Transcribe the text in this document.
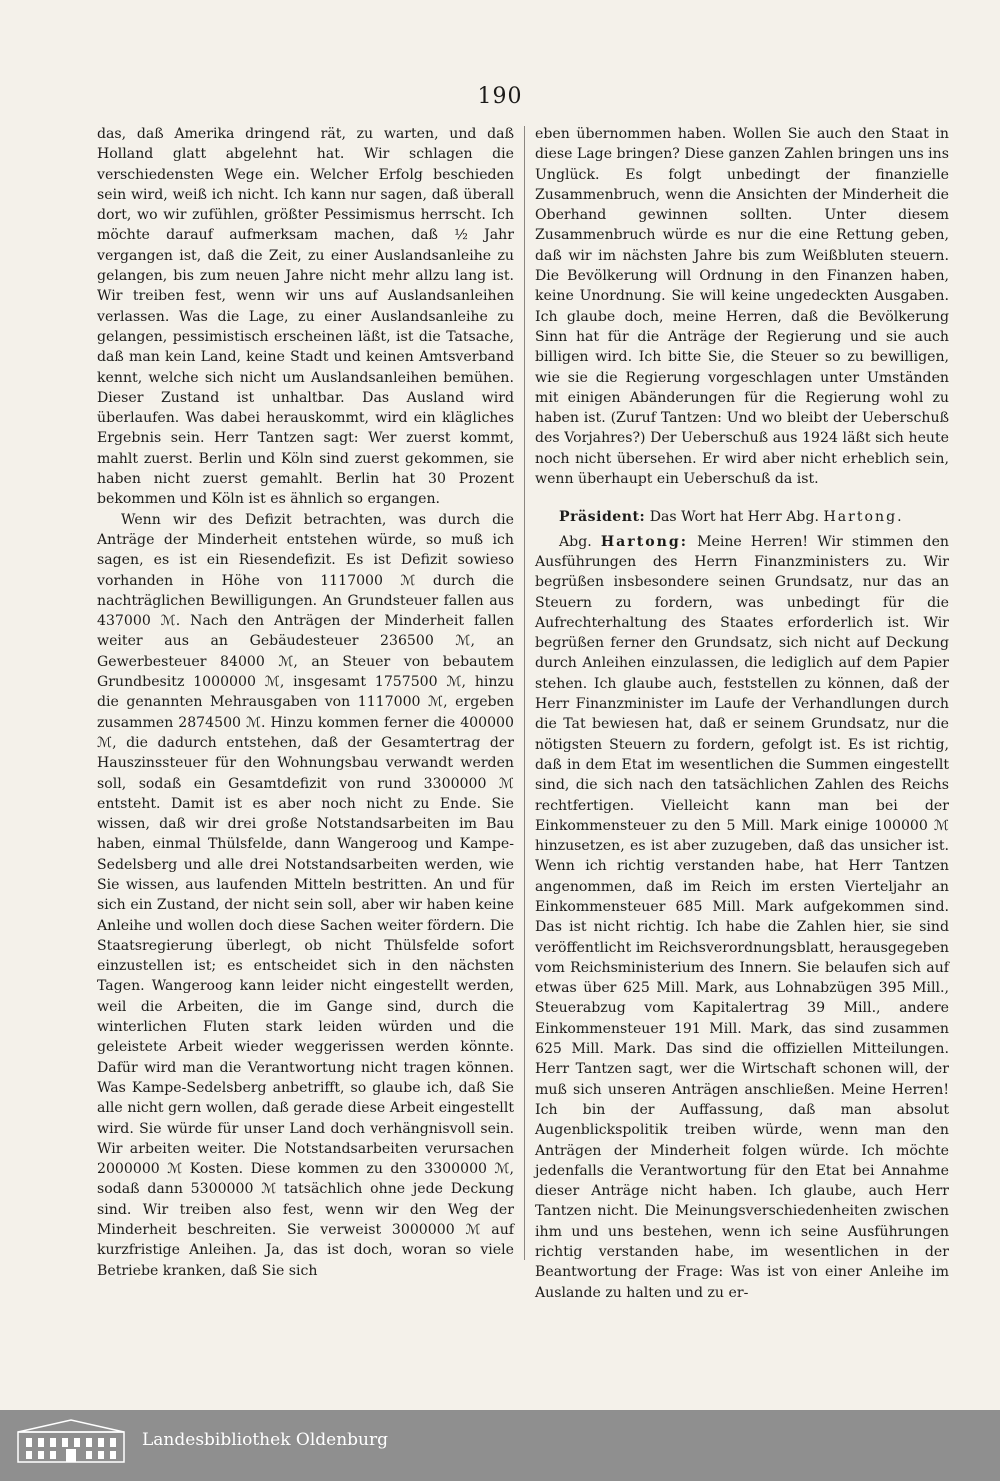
190

das, daß Amerika dringend rät, zu warten, und daß Holland glatt abgelehnt hat. Wir schlagen die verschiedensten Wege ein. Welcher Erfolg beschieden sein wird, weiß ich nicht. Ich kann nur sagen, daß überall dort, wo wir zufühlen, größter Pessimismus herrscht. Ich möchte darauf aufmerksam machen, daß ½ Jahr vergangen ist, daß die Zeit, zu einer Auslandsanleihe zu gelangen, bis zum neuen Jahre nicht mehr allzu lang ist. Wir treiben fest, wenn wir uns auf Auslandsanleihen verlassen. Was die Lage, zu einer Auslandsanleihe zu gelangen, pessimistisch erscheinen läßt, ist die Tatsache, daß man kein Land, keine Stadt und keinen Amtsverband kennt, welche sich nicht um Auslandsanleihen bemühen. Dieser Zustand ist unhaltbar. Das Ausland wird überlaufen. Was dabei herauskommt, wird ein klägliches Ergebnis sein. Herr Tantzen sagt: Wer zuerst kommt, mahlt zuerst. Berlin und Köln sind zuerst gekommen, sie haben nicht zuerst gemahlt. Berlin hat 30 Prozent bekommen und Köln ist es ähnlich so ergangen.

Wenn wir des Defizit betrachten, was durch die Anträge der Minderheit entstehen würde, so muß ich sagen, es ist ein Riesendefizit. Es ist Defizit sowieso vorhanden in Höhe von 1117000 ℳ durch die nachträglichen Bewilligungen. An Grundsteuer fallen aus 437000 ℳ. Nach den Anträgen der Minderheit fallen weiter aus an Gebäudesteuer 236500 ℳ, an Gewerbesteuer 84000 ℳ, an Steuer von bebautem Grundbesitz 1000000 ℳ, insgesamt 1757500 ℳ, hinzu die genannten Mehrausgaben von 1117000 ℳ, ergeben zusammen 2874500 ℳ. Hinzu kommen ferner die 400000 ℳ, die dadurch entstehen, daß der Gesamtertrag der Hauszinssteuer für den Wohnungsbau verwandt werden soll, sodaß ein Gesamtdefizit von rund 3300000 ℳ entsteht. Damit ist es aber noch nicht zu Ende. Sie wissen, daß wir drei große Notstandsarbeiten im Bau haben, einmal Thülsfelde, dann Wangeroog und Kampe-Sedelsberg und alle drei Notstandsarbeiten werden, wie Sie wissen, aus laufenden Mitteln bestritten. An und für sich ein Zustand, der nicht sein soll, aber wir haben keine Anleihe und wollen doch diese Sachen weiter fördern. Die Staatsregierung überlegt, ob nicht Thülsfelde sofort einzustellen ist; es entscheidet sich in den nächsten Tagen. Wangeroog kann leider nicht eingestellt werden, weil die Arbeiten, die im Gange sind, durch die winterlichen Fluten stark leiden würden und die geleistete Arbeit wieder weggerissen werden könnte. Dafür wird man die Verantwortung nicht tragen können. Was Kampe-Sedelsberg anbetrifft, so glaube ich, daß Sie alle nicht gern wollen, daß gerade diese Arbeit eingestellt wird. Sie würde für unser Land doch verhängnisvoll sein. Wir arbeiten weiter. Die Notstandsarbeiten verursachen 2000000 ℳ Kosten. Diese kommen zu den 3300000 ℳ, sodaß dann 5300000 ℳ tatsächlich ohne jede Deckung sind. Wir treiben also fest, wenn wir den Weg der Minderheit beschreiten. Sie verweist 3000000 ℳ auf kurzfristige Anleihen. Ja, das ist doch, woran so viele Betriebe kranken, daß Sie sich

eben übernommen haben. Wollen Sie auch den Staat in diese Lage bringen? Diese ganzen Zahlen bringen uns ins Unglück. Es folgt unbedingt der finanzielle Zusammenbruch, wenn die Ansichten der Minderheit die Oberhand gewinnen sollten. Unter diesem Zusammenbruch würde es nur die eine Rettung geben, daß wir im nächsten Jahre bis zum Weißbluten steuern. Die Bevölkerung will Ordnung in den Finanzen haben, keine Unordnung. Sie will keine ungedeckten Ausgaben. Ich glaube doch, meine Herren, daß die Bevölkerung Sinn hat für die Anträge der Regierung und sie auch billigen wird. Ich bitte Sie, die Steuer so zu bewilligen, wie sie die Regierung vorgeschlagen unter Umständen mit einigen Abänderungen für die Regierung wohl zu haben ist. (Zuruf Tantzen: Und wo bleibt der Ueberschuß des Vorjahres?) Der Ueberschuß aus 1924 läßt sich heute noch nicht übersehen. Er wird aber nicht erheblich sein, wenn überhaupt ein Ueberschuß da ist.

Präsident: Das Wort hat Herr Abg. Hartong.

Abg. Hartong: Meine Herren! Wir stimmen den Ausführungen des Herrn Finanzministers zu. Wir begrüßen insbesondere seinen Grundsatz, nur das an Steuern zu fordern, was unbedingt für die Aufrechterhaltung des Staates erforderlich ist. Wir begrüßen ferner den Grundsatz, sich nicht auf Deckung durch Anleihen einzulassen, die lediglich auf dem Papier stehen. Ich glaube auch, feststellen zu können, daß der Herr Finanzminister im Laufe der Verhandlungen durch die Tat bewiesen hat, daß er seinem Grundsatz, nur die nötigsten Steuern zu fordern, gefolgt ist. Es ist richtig, daß in dem Etat im wesentlichen die Summen eingestellt sind, die sich nach den tatsächlichen Zahlen des Reichs rechtfertigen. Vielleicht kann man bei der Einkommensteuer zu den 5 Mill. Mark einige 100000 ℳ hinzusetzen, es ist aber zuzugeben, daß das unsicher ist. Wenn ich richtig verstanden habe, hat Herr Tantzen angenommen, daß im Reich im ersten Vierteljahr an Einkommensteuer 685 Mill. Mark aufgekommen sind. Das ist nicht richtig. Ich habe die Zahlen hier, sie sind veröffentlicht im Reichsverordnungsblatt, herausgegeben vom Reichsministerium des Innern. Sie belaufen sich auf etwas über 625 Mill. Mark, aus Lohnabzügen 395 Mill., Steuerabzug vom Kapitalertrag 39 Mill., andere Einkommensteuer 191 Mill. Mark, das sind zusammen 625 Mill. Mark. Das sind die offiziellen Mitteilungen. Herr Tantzen sagt, wer die Wirtschaft schonen will, der muß sich unseren Anträgen anschließen. Meine Herren! Ich bin der Auffassung, daß man absolut Augenblickspolitik treiben würde, wenn man den Anträgen der Minderheit folgen würde. Ich möchte jedenfalls die Verantwortung für den Etat bei Annahme dieser Anträge nicht haben. Ich glaube, auch Herr Tantzen nicht. Die Meinungsverschiedenheiten zwischen ihm und uns bestehen, wenn ich seine Ausführungen richtig verstanden habe, im wesentlichen in der Beantwortung der Frage: Was ist von einer Anleihe im Auslande zu halten und zu er-

Landesbibliothek Oldenburg
